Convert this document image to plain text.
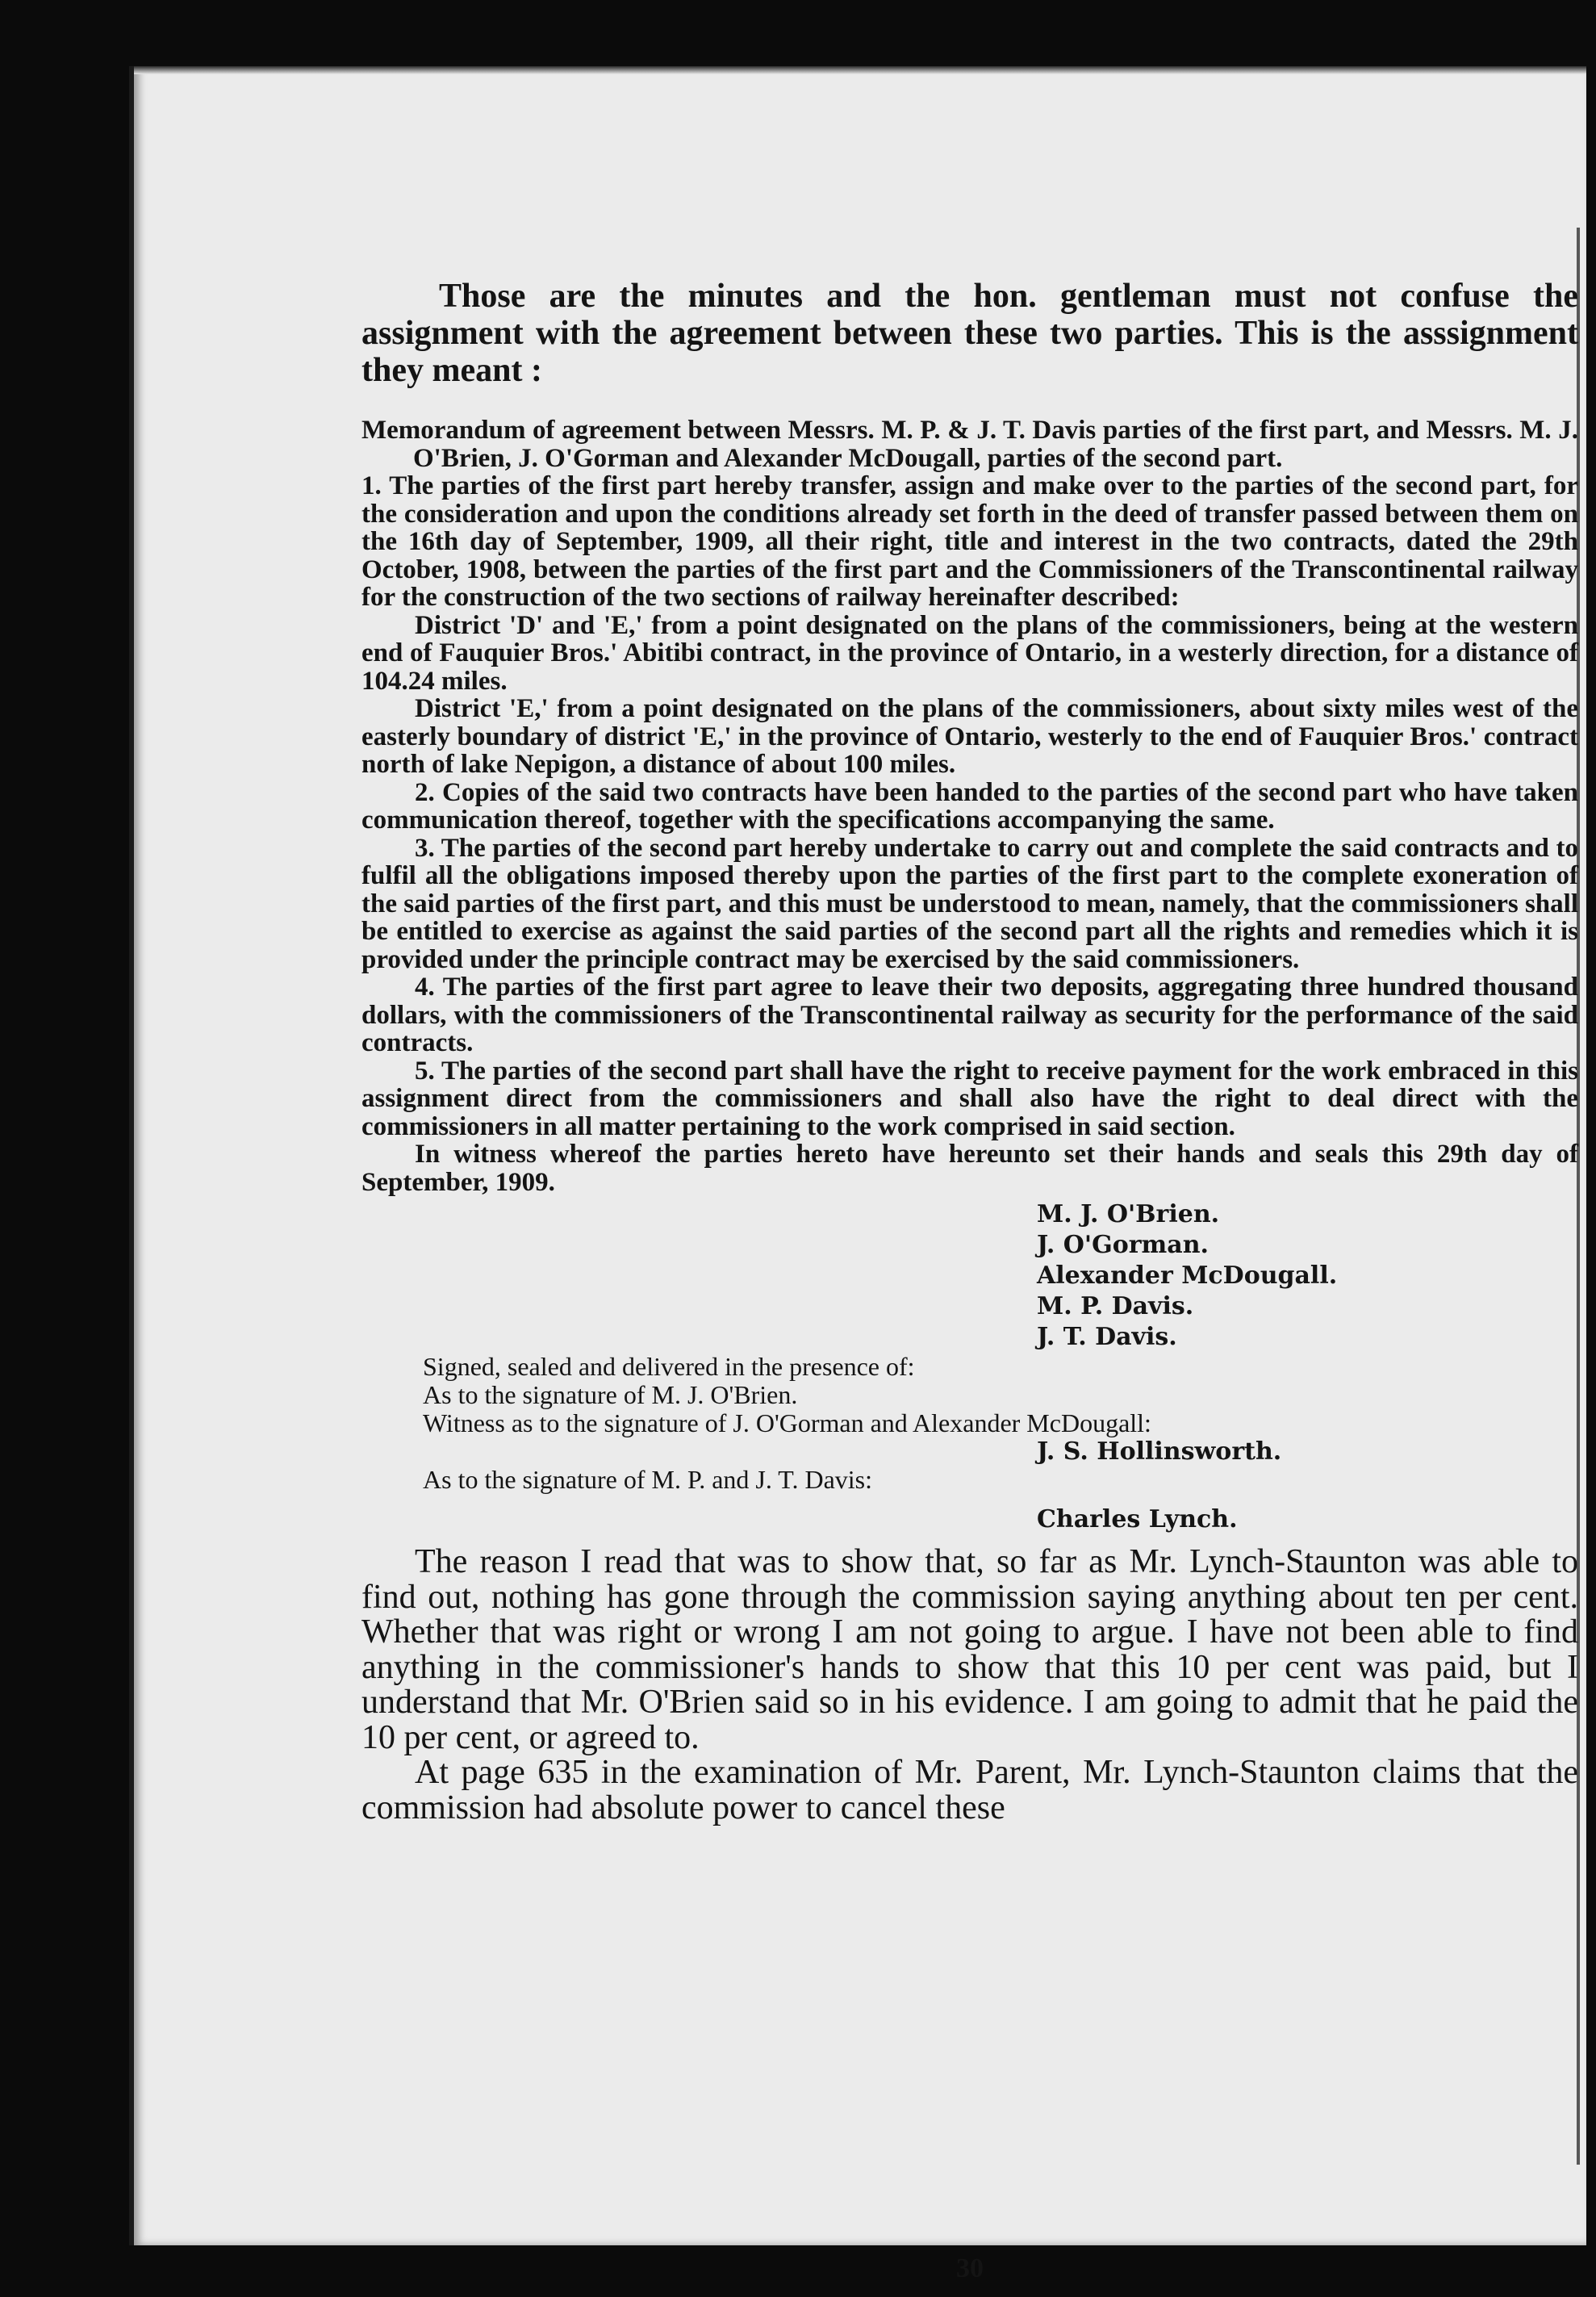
Those are the minutes and the hon. gentleman must not confuse the assignment with the agreement between these two parties. This is the asssignment they meant :

Memorandum of agreement between Messrs. M. P. & J. T. Davis parties of the first part, and Messrs. M. J. O'Brien, J. O'Gorman and Alexander McDougall, parties of the second part.

1. The parties of the first part hereby transfer, assign and make over to the parties of the second part, for the consideration and upon the conditions already set forth in the deed of transfer passed between them on the 16th day of September, 1909, all their right, title and interest in the two contracts, dated the 29th October, 1908, between the parties of the first part and the Commissioners of the Transcontinental railway for the construction of the two sections of railway hereinafter described:

District 'D' and 'E,' from a point designated on the plans of the commissioners, being at the western end of Fauquier Bros.' Abitibi contract, in the province of Ontario, in a westerly direction, for a distance of 104.24 miles.

District 'E,' from a point designated on the plans of the commissioners, about sixty miles west of the easterly boundary of district 'E,' in the province of Ontario, westerly to the end of Fauquier Bros.' contract north of lake Nepigon, a distance of about 100 miles.

2. Copies of the said two contracts have been handed to the parties of the second part who have taken communication thereof, together with the specifications accompanying the same.

3. The parties of the second part hereby undertake to carry out and complete the said contracts and to fulfil all the obligations imposed thereby upon the parties of the first part to the complete exoneration of the said parties of the first part, and this must be understood to mean, namely, that the commissioners shall be entitled to exercise as against the said parties of the second part all the rights and remedies which it is provided under the principle contract may be exercised by the said commissioners.

4. The parties of the first part agree to leave their two deposits, aggregating three hundred thousand dollars, with the commissioners of the Transcontinental railway as security for the performance of the said contracts.

5. The parties of the second part shall have the right to receive payment for the work embraced in this assignment direct from the commissioners and shall also have the right to deal direct with the commissioners in all matter pertaining to the work comprised in said section.

In witness whereof the parties hereto have hereunto set their hands and seals this 29th day of September, 1909.

M. J. O'Brien.
J. O'Gorman.
Alexander McDougall.
M. P. Davis.
J. T. Davis.
Signed, sealed and delivered in the presence of:
As to the signature of M. J. O'Brien.
Witness as to the signature of J. O'Gorman and Alexander McDougall:
J. S. Hollinsworth.
As to the signature of M. P. and J. T. Davis:
Charles Lynch.

The reason I read that was to show that, so far as Mr. Lynch-Staunton was able to find out, nothing has gone through the commission saying anything about ten per cent. Whether that was right or wrong I am not going to argue. I have not been able to find anything in the commissioner's hands to show that this 10 per cent was paid, but I understand that Mr. O'Brien said so in his evidence. I am going to admit that he paid the 10 per cent, or agreed to.

At page 635 in the examination of Mr. Parent, Mr. Lynch-Staunton claims that the commission had absolute power to cancel these

30
